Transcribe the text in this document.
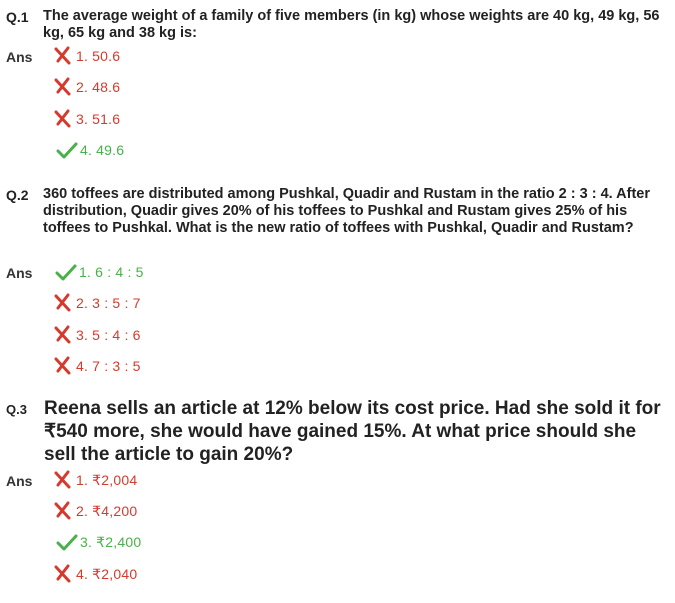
Q.1 The average weight of a family of five members (in kg) whose weights are 40 kg, 49 kg, 56 kg, 65 kg and 38 kg is:
Ans	1. 50.6
2. 48.6
3. 51.6
4. 49.6
Q.2 360 toffees are distributed among Pushkal, Quadir and Rustam in the ratio 2 : 3 : 4. After distribution, Quadir gives 20% of his toffees to Pushkal and Rustam gives 25% of his toffees to Pushkal. What is the new ratio of toffees with Pushkal, Quadir and Rustam?
Ans	1. 6 : 4 : 5
2. 3 : 5 : 7
3. 5 : 4 : 6
4. 7 : 3 : 5
Q.3 Reena sells an article at 12% below its cost price. Had she sold it for ₹540 more, she would have gained 15%. At what price should she sell the article to gain 20%?
Ans	1. ₹2,004
2. ₹4,200
3. ₹2,400
4. ₹2,040
